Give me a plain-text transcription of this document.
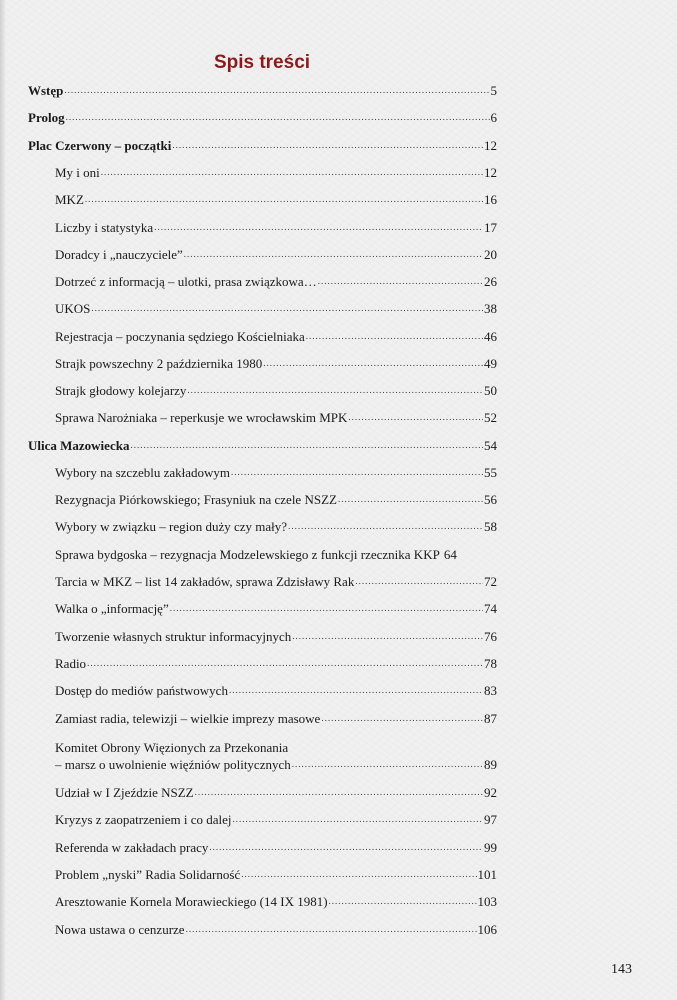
Spis treści
Wstęp .....	5
Prolog .....	6
Plac Czerwony – początki .....	12
My i oni .....	12
MKZ .....	16
Liczby i statystyka .....	17
Doradcy i „nauczyciele” .....	20
Dotrzeć z informacją – ulotki, prasa związkowa… .....	26
UKOS .....	38
Rejestracja – poczynania sędziego Kościelniaka .....	46
Strajk powszechny 2 października 1980 .....	49
Strajk głodowy kolejarzy .....	50
Sprawa Narożniaka – reperkusje we wrocławskim MPK .....	52
Ulica Mazowiecka .....	54
Wybory na szczeblu zakładowym .....	55
Rezygnacja Piórkowskiego; Frasyniuk na czele NSZZ .....	56
Wybory w związku – region duży czy mały? .....	58
Sprawa bydgoska – rezygnacja Modzelewskiego z funkcji rzecznika KKP 64
Tarcia w MKZ – list 14 zakładów, sprawa Zdzisławy Rak .....	72
Walka o „informację” .....	74
Tworzenie własnych struktur informacyjnych .....	76
Radio .....	78
Dostęp do mediów państwowych .....	83
Zamiast radia, telewizji – wielkie imprezy masowe .....	87
Komitet Obrony Więzionych za Przekonania
– marsz o uwolnienie więźniów politycznych .....	89
Udział w I Zjeździe NSZZ .....	92
Kryzys z zaopatrzeniem i co dalej .....	97
Referenda w zakładach pracy .....	99
Problem „nyski” Radia Solidarność .....	101
Aresztowanie Kornela Morawieckiego (14 IX 1981) .....	103
Nowa ustawa o cenzurze .....	106
143
